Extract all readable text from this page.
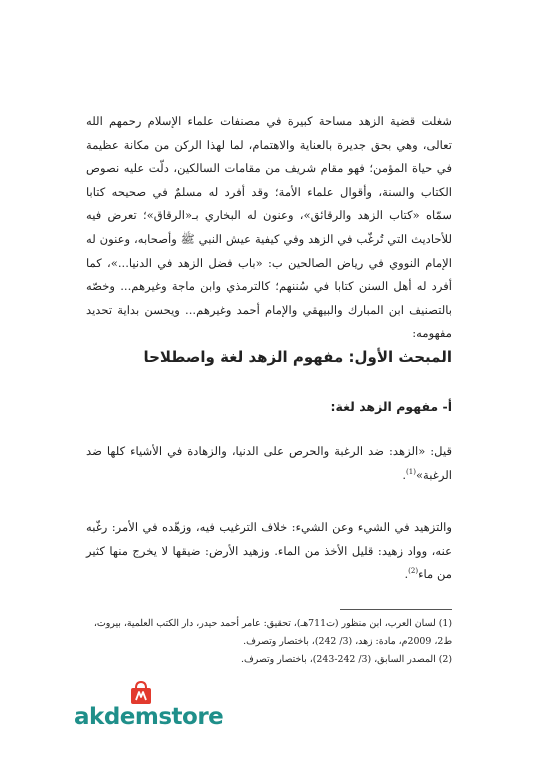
شغلت قضية الزهد مساحة كبيرة في مصنفات علماء الإسلام رحمهم الله تعالى، وهي بحق جديرة بالعناية والاهتمام، لما لهذا الركن من مكانة عظيمة في حياة المؤمن؛ فهو مقام شريف من مقامات السالكين، دلّت عليه نصوص الكتاب والسنة، وأقوال علماء الأمة؛ وقد أفرد له مسلمٌ في صحيحه كتابا سمّاه «كتاب الزهد والرقائق»، وعنون له البخاري بـ«الرقاق»؛ تعرض فيه للأحاديث التي تُرغّب في الزهد وفي كيفية عيش النبي ﷺ وأصحابه، وعنون له الإمام النووي في رياض الصالحين ب: «باب فضل الزهد في الدنيا...»، كما أفرد له أهل السنن كتابا في سُننهم؛ كالترمذي وابن ماجة وغيرهم... وخصّه بالتصنيف ابن المبارك والبيهقي والإمام أحمد وغيرهم... ويحسن بداية تحديد مفهومه:

المبحث الأول: مفهوم الزهد لغة واصطلاحا
أ- مفهوم الزهد لغة:

قيل: «الزهد: ضد الرغبة والحرص على الدنيا، والزهادة في الأشياء كلها ضد الرغبة»$^{(1)}$.

والتزهيد في الشيء وعن الشيء: خلاف الترغيب فيه، وزهّده في الأمر: رغّبه عنه، وواد زهيد: قليل الأخذ من الماء. وزهيد الأرض: ضيقها لا يخرج منها كثير من ماء$^{(2)}$.

(1) لسان العرب، ابن منظور (ت711هـ)، تحقيق: عامر أحمد حيدر، دار الكتب العلمية، بيروت، ط2، 2009م، مادة: زهد، (3/ 242)، باختصار وتصرف.

(2) المصدر السابق، (3/ 242-243)، باختصار وتصرف.

akdemstore
